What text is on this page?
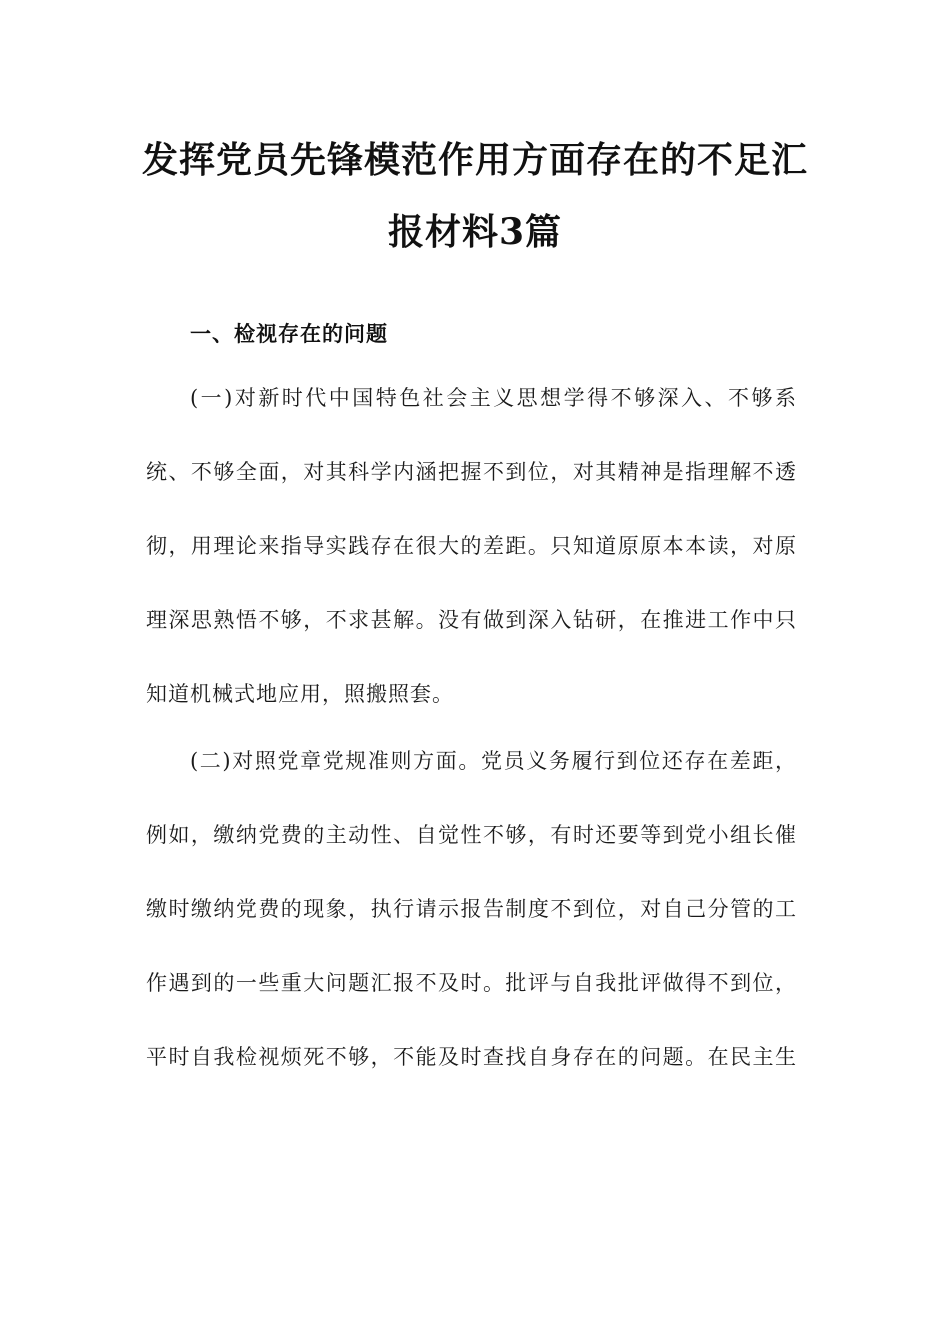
发挥党员先锋模范作用方面存在的不足汇
报材料3篇
一、检视存在的问题
(一)对新时代中国特色社会主义思想学得不够深入、不够系
统、不够全面，对其科学内涵把握不到位，对其精神是指理解不透
彻，用理论来指导实践存在很大的差距。只知道原原本本读，对原
理深思熟悟不够，不求甚解。没有做到深入钻研，在推进工作中只
知道机械式地应用，照搬照套。
(二)对照党章党规准则方面。党员义务履行到位还存在差距，
例如，缴纳党费的主动性、自觉性不够，有时还要等到党小组长催
缴时缴纳党费的现象，执行请示报告制度不到位，对自己分管的工
作遇到的一些重大问题汇报不及时。批评与自我批评做得不到位，
平时自我检视烦死不够，不能及时查找自身存在的问题。在民主生
